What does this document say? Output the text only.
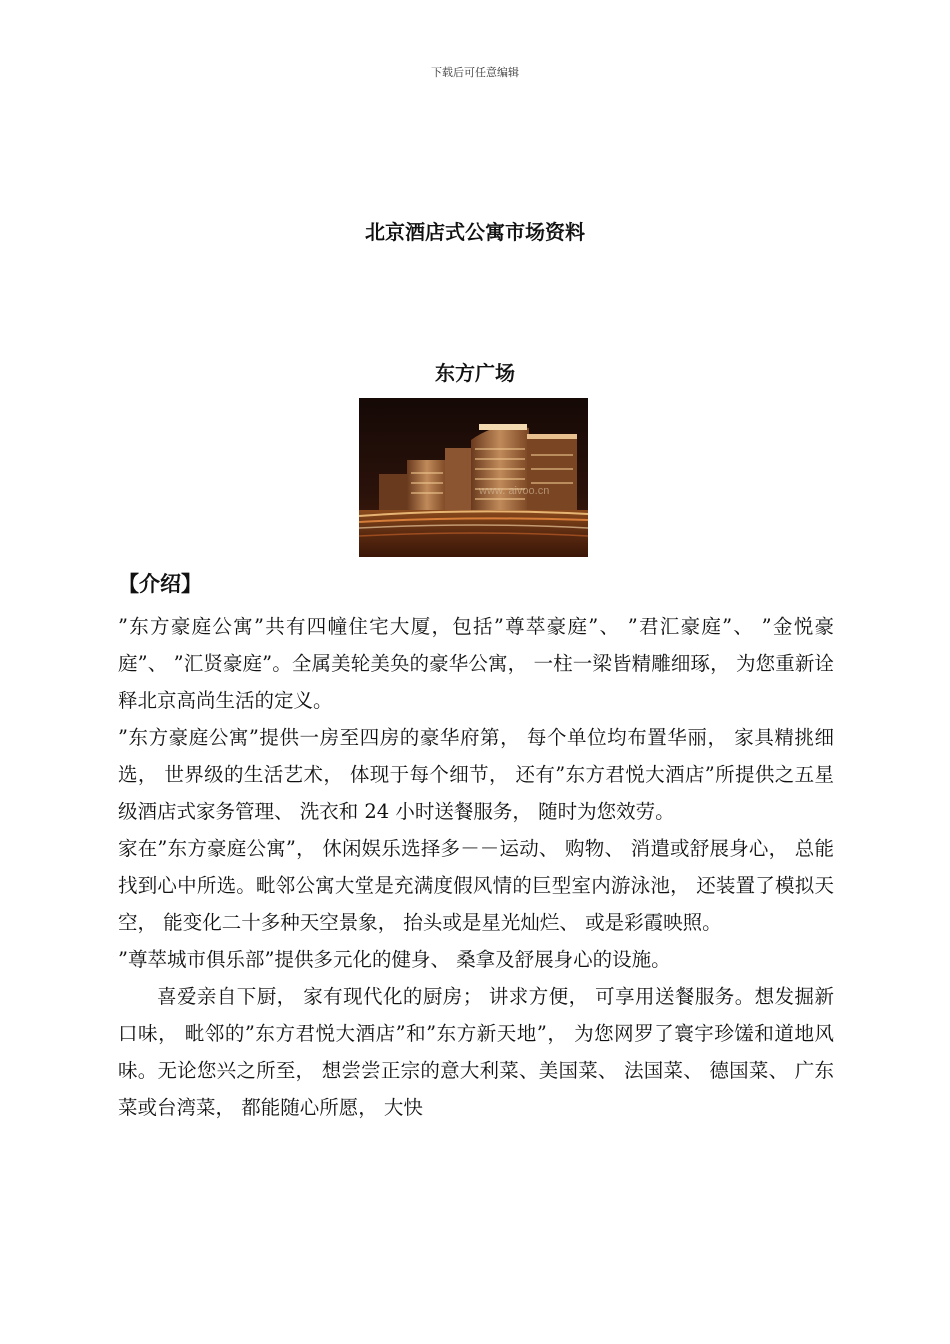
下载后可任意编辑
北京酒店式公寓市场资料
东方广场
www. aivoo.cn
【介绍】

”东方豪庭公寓”共有四幢住宅大厦，包括”尊萃豪庭”、 ”君汇豪庭”、 ”金悦豪庭”、 ”汇贤豪庭”。全属美轮美奂的豪华公寓， 一柱一梁皆精雕细琢， 为您重新诠释北京高尚生活的定义。

”东方豪庭公寓”提供一房至四房的豪华府第， 每个单位均布置华丽， 家具精挑细选， 世界级的生活艺术， 体现于每个细节， 还有”东方君悦大酒店”所提供之五星级酒店式家务管理、 洗衣和 24 小时送餐服务， 随时为您效劳。

家在”东方豪庭公寓”， 休闲娱乐选择多－－运动、 购物、 消遣或舒展身心， 总能找到心中所选。毗邻公寓大堂是充满度假风情的巨型室内游泳池， 还装置了模拟天空， 能变化二十多种天空景象， 抬头或是星光灿烂、 或是彩霞映照。

”尊萃城市俱乐部”提供多元化的健身、 桑拿及舒展身心的设施。

喜爱亲自下厨， 家有现代化的厨房； 讲求方便， 可享用送餐服务。想发掘新口味， 毗邻的”东方君悦大酒店”和”东方新天地”， 为您网罗了寰宇珍馐和道地风味。无论您兴之所至， 想尝尝正宗的意大利菜、美国菜、 法国菜、 德国菜、 广东菜或台湾菜， 都能随心所愿， 大快
